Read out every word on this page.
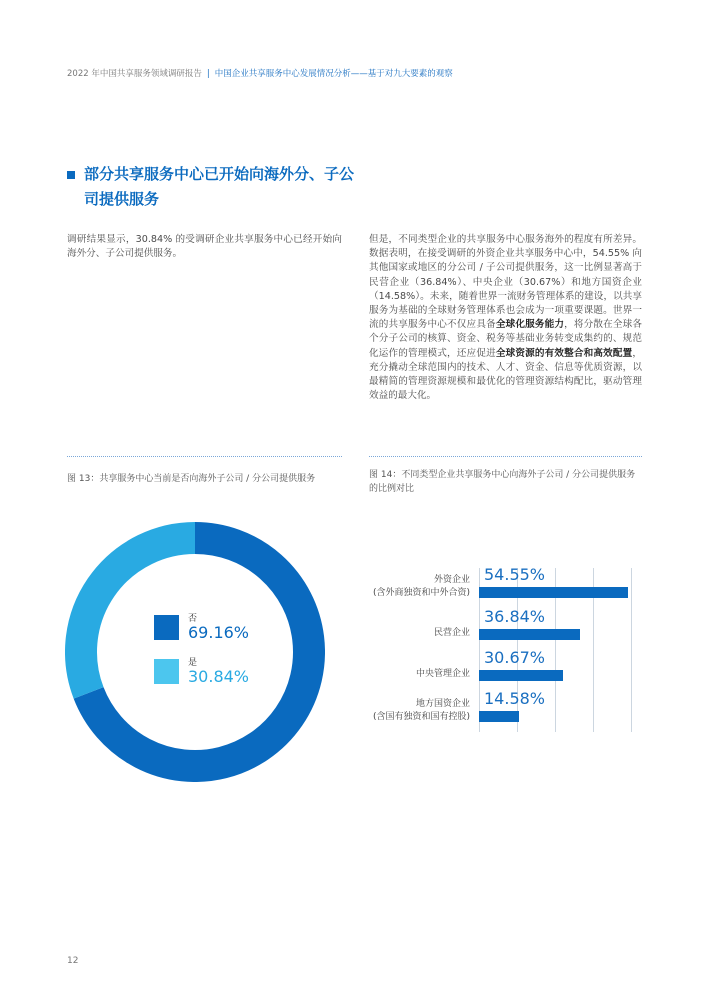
2022 年中国共享服务领域调研报告 | 中国企业共享服务中心发展情况分析——基于对九大要素的观察
部分共享服务中心已开始向海外分、子公司提供服务
调研结果显示，30.84% 的受调研企业共享服务中心已经开始向海外分、子公司提供服务。
但是，不同类型企业的共享服务中心服务海外的程度有所差异。数据表明，在接受调研的外资企业共享服务中心中，54.55% 向其他国家或地区的分公司 / 子公司提供服务，这一比例显著高于民营企业（36.84%）、中央企业（30.67%）和地方国资企业（14.58%）。未来，随着世界一流财务管理体系的建设，以共享服务为基础的全球财务管理体系也会成为一项重要课题。世界一流的共享服务中心不仅应具备全球化服务能力，将分散在全球各个分子公司的核算、资金、税务等基础业务转变成集约的、规范化运作的管理模式，还应促进全球资源的有效整合和高效配置，充分撬动全球范围内的技术、人才、资金、信息等优质资源，以最精简的管理资源规模和最优化的管理资源结构配比，驱动管理效益的最大化。
图 13：共享服务中心当前是否向海外子公司 / 分公司提供服务	图 14：不同类型企业共享服务中心向海外子公司 / 分公司提供服务的比例对比
否
69.16%
是
30.84%
54.55%
外资企业
(含外商独资和中外合资)
36.84%
民营企业
30.67%
中央管理企业
14.58%
地方国资企业
(含国有独资和国有控股)
12
